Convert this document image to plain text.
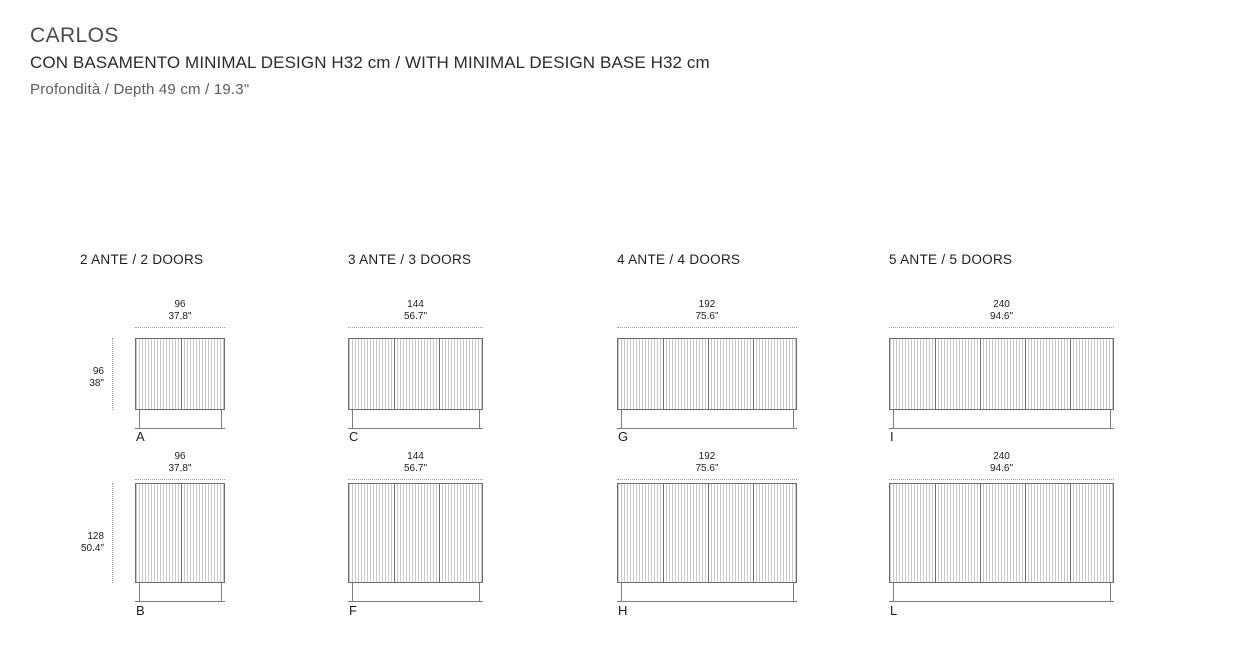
CARLOS
CON BASAMENTO MINIMAL DESIGN H32 cm / WITH MINIMAL DESIGN BASE H32 cm
Profondità / Depth 49 cm / 19.3"
2 ANTE / 2 DOORS	3 ANTE / 3 DOORS	4 ANTE / 4 DOORS	5 ANTE / 5 DOORS
96
38"
128
50.4"
96
37.8"
A
144
56.7"
C
192
75.6"
G
240
94.6"
I
96
37.8"
B
144
56.7"
F
192
75.6"
H
240
94.6"
L
